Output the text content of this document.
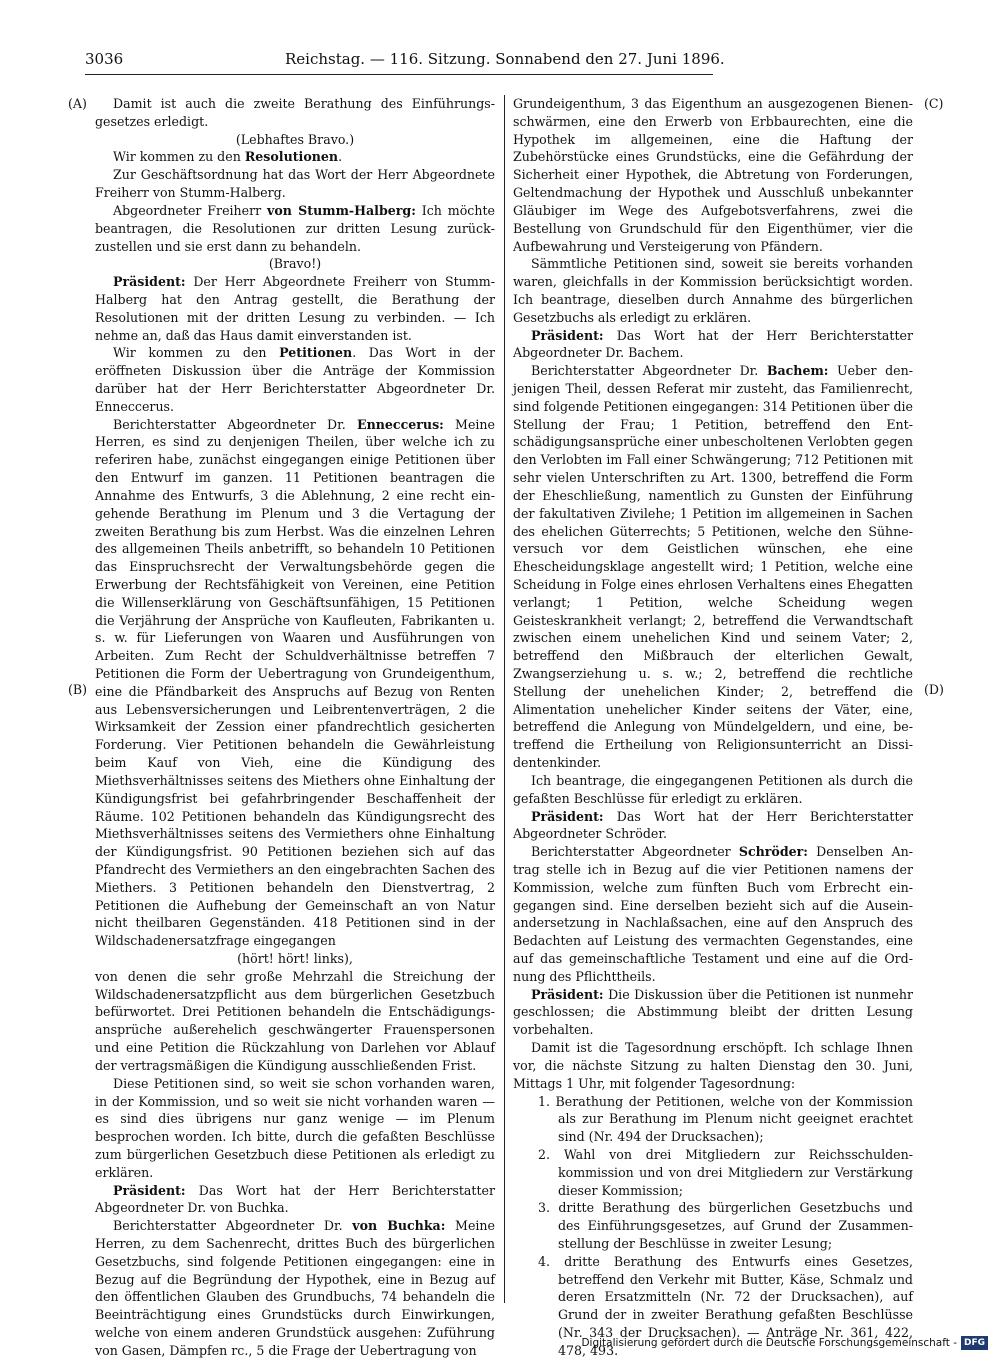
3036	Reichstag. — 116. Sitzung. Sonnabend den 27. Juni 1896.
(A)
(B)
(C)
(D)

Damit ist auch die zweite Berathung des Einführungsgesetzes erledigt.

(Lebhaftes Bravo.)

Wir kommen zu den Resolutionen.

Zur Geschäftsordnung hat das Wort der Herr Abgeordnete Freiherr von Stumm-Halberg.

Abgeordneter Freiherr von Stumm-Halberg: Ich möchte beantragen, die Resolutionen zur dritten Lesung zurückzustellen und sie erst dann zu behandeln.

(Bravo!)

Präsident: Der Herr Abgeordnete Freiherr von Stumm-Halberg hat den Antrag gestellt, die Berathung der Resolutionen mit der dritten Lesung zu verbinden. — Ich nehme an, daß das Haus damit einverstanden ist.

Wir kommen zu den Petitionen. Das Wort in der eröffneten Diskussion über die Anträge der Kommission darüber hat der Herr Berichterstatter Abgeordneter Dr. Enneccerus.

Berichterstatter Abgeordneter Dr. Enneccerus: Meine Herren, es sind zu denjenigen Theilen, über welche ich zu referiren habe, zunächst eingegangen einige Petitionen über den Entwurf im ganzen. 11 Petitionen beantragen die Annahme des Entwurfs, 3 die Ablehnung, 2 eine recht eingehende Berathung im Plenum und 3 die Vertagung der zweiten Berathung bis zum Herbst. Was die einzelnen Lehren des allgemeinen Theils anbetrifft, so behandeln 10 Petitionen das Einspruchsrecht der Verwaltungsbehörde gegen die Erwerbung der Rechtsfähigkeit von Vereinen, eine Petition die Willenserklärung von Geschäftsunfähigen, 15 Petitionen die Verjährung der Ansprüche von Kaufleuten, Fabrikanten u. s. w. für Lieferungen von Waaren und Ausführungen von Arbeiten. Zum Recht der Schuldverhältnisse betreffen 7 Petitionen die Form der Uebertragung von Grundeigenthum, eine die Pfändbarkeit des Anspruchs auf Bezug von Renten aus Lebensversicherungen und Leibrentenverträgen, 2 die Wirksamkeit der Zession einer pfandrechtlich gesicherten Forderung. Vier Petitionen behandeln die Gewährleistung beim Kauf von Vieh, eine die Kündigung des Miethsverhältnisses seitens des Miethers ohne Einhaltung der Kündigungsfrist bei gefahrbringender Beschaffenheit der Räume. 102 Petitionen behandeln das Kündigungsrecht des Miethsverhältnisses seitens des Vermiethers ohne Einhaltung der Kündigungsfrist. 90 Petitionen beziehen sich auf das Pfandrecht des Vermiethers an den eingebrachten Sachen des Miethers. 3 Petitionen behandeln den Dienstvertrag, 2 Petitionen die Aufhebung der Gemeinschaft an von Natur nicht theilbaren Gegenständen. 418 Petitionen sind in der Wildschadenersatzfrage eingegangen

(hört! hört! links),

von denen die sehr große Mehrzahl die Streichung der Wildschadenersatzpflicht aus dem bürgerlichen Gesetzbuch befürwortet. Drei Petitionen behandeln die Entschädigungsansprüche außerehelich geschwängerter Frauenspersonen und eine Petition die Rückzahlung von Darlehen vor Ablauf der vertragsmäßigen die Kündigung ausschließenden Frist.

Diese Petitionen sind, so weit sie schon vorhanden waren, in der Kommission, und so weit sie nicht vorhanden waren — es sind dies übrigens nur ganz wenige — im Plenum besprochen worden. Ich bitte, durch die gefaßten Beschlüsse zum bürgerlichen Gesetzbuch diese Petitionen als erledigt zu erklären.

Präsident: Das Wort hat der Herr Berichterstatter Abgeordneter Dr. von Buchka.

Berichterstatter Abgeordneter Dr. von Buchka: Meine Herren, zu dem Sachenrecht, drittes Buch des bürgerlichen Gesetzbuchs, sind folgende Petitionen eingegangen: eine in Bezug auf die Begründung der Hypothek, eine in Bezug auf den öffentlichen Glauben des Grundbuchs, 74 behandeln die Beeinträchtigung eines Grundstücks durch Einwirkungen, welche von einem anderen Grundstück ausgehen: Zuführung von Gasen, Dämpfen rc., 5 die Frage der Uebertragung von

Grundeigenthum, 3 das Eigenthum an ausgezogenen Bienenschwärmen, eine den Erwerb von Erbbaurechten, eine die Hypothek im allgemeinen, eine die Haftung der Zubehörstücke eines Grundstücks, eine die Gefährdung der Sicherheit einer Hypothek, die Abtretung von Forderungen, Geltendmachung der Hypothek und Ausschluß unbekannter Gläubiger im Wege des Aufgebotsverfahrens, zwei die Bestellung von Grundschuld für den Eigenthümer, vier die Aufbewahrung und Versteigerung von Pfändern.

Sämmtliche Petitionen sind, soweit sie bereits vorhanden waren, gleichfalls in der Kommission berücksichtigt worden. Ich beantrage, dieselben durch Annahme des bürgerlichen Gesetzbuchs als erledigt zu erklären.

Präsident: Das Wort hat der Herr Berichterstatter Abgeordneter Dr. Bachem.

Berichterstatter Abgeordneter Dr. Bachem: Ueber denjenigen Theil, dessen Referat mir zusteht, das Familienrecht, sind folgende Petitionen eingegangen: 314 Petitionen über die Stellung der Frau; 1 Petition, betreffend den Entschädigungsansprüche einer unbescholtenen Verlobten gegen den Verlobten im Fall einer Schwängerung; 712 Petitionen mit sehr vielen Unterschriften zu Art. 1300, betreffend die Form der Eheschließung, namentlich zu Gunsten der Einführung der fakultativen Zivilehe; 1 Petition im allgemeinen in Sachen des ehelichen Güterrechts; 5 Petitionen, welche den Sühneversuch vor dem Geistlichen wünschen, ehe eine Ehescheidungsklage angestellt wird; 1 Petition, welche eine Scheidung in Folge eines ehrlosen Verhaltens eines Ehegatten verlangt; 1 Petition, welche Scheidung wegen Geisteskrankheit verlangt; 2, betreffend die Verwandtschaft zwischen einem unehelichen Kind und seinem Vater; 2, betreffend den Mißbrauch der elterlichen Gewalt, Zwangserziehung u. s. w.; 2, betreffend die rechtliche Stellung der unehelichen Kinder; 2, betreffend die Alimentation unehelicher Kinder seitens der Väter, eine, betreffend die Anlegung von Mündelgeldern, und eine, betreffend die Ertheilung von Religionsunterricht an Dissidentenkinder.

Ich beantrage, die eingegangenen Petitionen als durch die gefaßten Beschlüsse für erledigt zu erklären.

Präsident: Das Wort hat der Herr Berichterstatter Abgeordneter Schröder.

Berichterstatter Abgeordneter Schröder: Denselben Antrag stelle ich in Bezug auf die vier Petitionen namens der Kommission, welche zum fünften Buch vom Erbrecht eingegangen sind. Eine derselben bezieht sich auf die Auseinandersetzung in Nachlaßsachen, eine auf den Anspruch des Bedachten auf Leistung des vermachten Gegenstandes, eine auf das gemeinschaftliche Testament und eine auf die Ordnung des Pflichttheils.

Präsident: Die Diskussion über die Petitionen ist nunmehr geschlossen; die Abstimmung bleibt der dritten Lesung vorbehalten.

Damit ist die Tagesordnung erschöpft. Ich schlage Ihnen vor, die nächste Sitzung zu halten Dienstag den 30. Juni, Mittags 1 Uhr, mit folgender Tagesordnung:

1. Berathung der Petitionen, welche von der Kommission als zur Berathung im Plenum nicht geeignet erachtet sind (Nr. 494 der Drucksachen);

2. Wahl von drei Mitgliedern zur Reichsschuldenkommission und von drei Mitgliedern zur Verstärkung dieser Kommission;

3. dritte Berathung des bürgerlichen Gesetzbuchs und des Einführungsgesetzes, auf Grund der Zusammenstellung der Beschlüsse in zweiter Lesung;

4. dritte Berathung des Entwurfs eines Gesetzes, betreffend den Verkehr mit Butter, Käse, Schmalz und deren Ersatzmitteln (Nr. 72 der Drucksachen), auf Grund der in zweiter Berathung gefaßten Beschlüsse (Nr. 343 der Drucksachen). — Anträge Nr. 361, 422, 478, 493.

Digitalisierung gefördert durch die Deutsche Forschungsgemeinschaft - DFG
